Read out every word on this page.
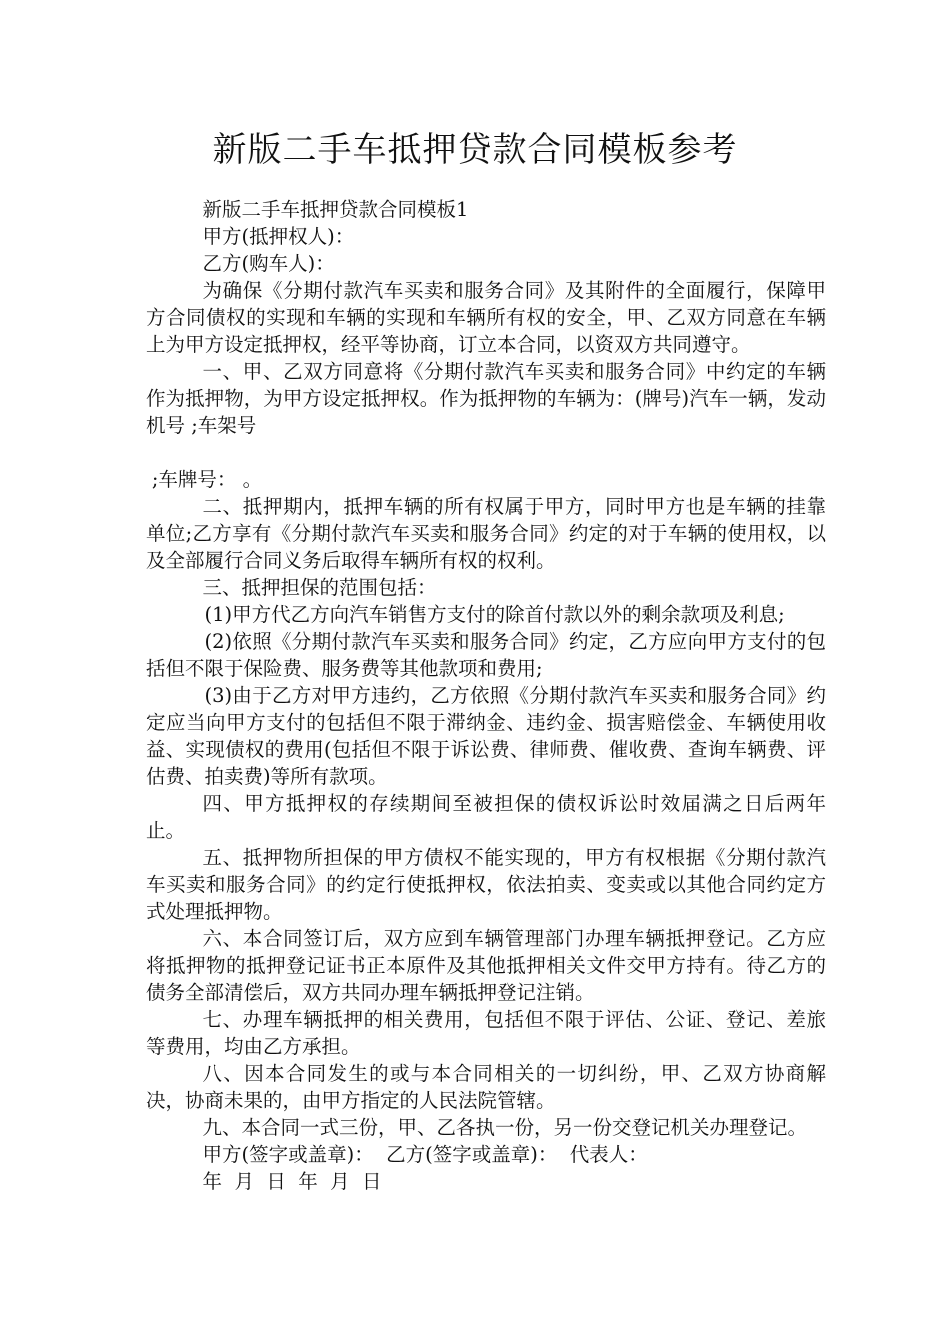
新版二手车抵押贷款合同模板参考

新版二手车抵押贷款合同模板1

甲方(抵押权人)：

乙方(购车人)：

为确保《分期付款汽车买卖和服务合同》及其附件的全面履行，保障甲方合同债权的实现和车辆的实现和车辆所有权的安全，甲、乙双方同意在车辆上为甲方设定抵押权，经平等协商，订立本合同，以资双方共同遵守。

一、甲、乙双方同意将《分期付款汽车买卖和服务合同》中约定的车辆作为抵押物，为甲方设定抵押权。作为抵押物的车辆为：(牌号)汽车一辆，发动机号 ;车架号

;车牌号： 。

二、抵押期内，抵押车辆的所有权属于甲方，同时甲方也是车辆的挂靠单位;乙方享有《分期付款汽车买卖和服务合同》约定的对于车辆的使用权，以及全部履行合同义务后取得车辆所有权的权利。

三、抵押担保的范围包括：

(1)甲方代乙方向汽车销售方支付的除首付款以外的剩余款项及利息;

(2)依照《分期付款汽车买卖和服务合同》约定，乙方应向甲方支付的包括但不限于保险费、服务费等其他款项和费用;

(3)由于乙方对甲方违约，乙方依照《分期付款汽车买卖和服务合同》约定应当向甲方支付的包括但不限于滞纳金、违约金、损害赔偿金、车辆使用收益、实现债权的费用(包括但不限于诉讼费、律师费、催收费、查询车辆费、评估费、拍卖费)等所有款项。

四、甲方抵押权的存续期间至被担保的债权诉讼时效届满之日后两年止。

五、抵押物所担保的甲方债权不能实现的，甲方有权根据《分期付款汽车买卖和服务合同》的约定行使抵押权，依法拍卖、变卖或以其他合同约定方式处理抵押物。

六、本合同签订后，双方应到车辆管理部门办理车辆抵押登记。乙方应将抵押物的抵押登记证书正本原件及其他抵押相关文件交甲方持有。待乙方的债务全部清偿后，双方共同办理车辆抵押登记注销。

七、办理车辆抵押的相关费用，包括但不限于评估、公证、登记、差旅等费用，均由乙方承担。

八、因本合同发生的或与本合同相关的一切纠纷，甲、乙双方协商解决，协商未果的，由甲方指定的人民法院管辖。

九、本合同一式三份，甲、乙各执一份，另一份交登记机关办理登记。

甲方(签字或盖章)：  乙方(签字或盖章)：  代表人：

年  月  日  年  月  日
